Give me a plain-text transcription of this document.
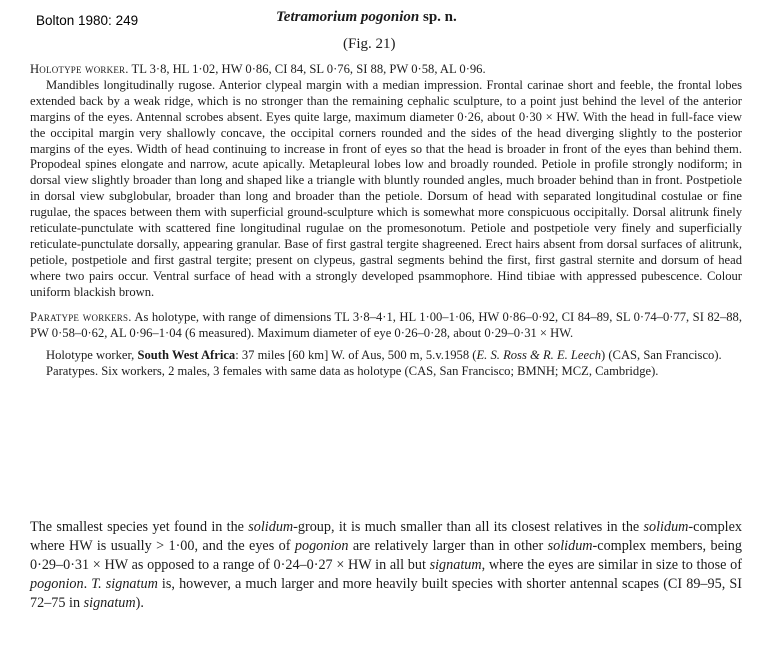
Bolton 1980: 249	Tetramorium pogonion sp. n.
(Fig. 21)

Holotype worker. TL 3·8, HL 1·02, HW 0·86, CI 84, SL 0·76, SI 88, PW 0·58, AL 0·96.

Mandibles longitudinally rugose. Anterior clypeal margin with a median impression. Frontal carinae short and feeble, the frontal lobes extended back by a weak ridge, which is no stronger than the remaining cephalic sculpture, to a point just behind the level of the anterior margins of the eyes. Antennal scrobes absent. Eyes quite large, maximum diameter 0·26, about 0·30 × HW. With the head in full-face view the occipital margin very shallowly concave, the occipital corners rounded and the sides of the head diverging slightly to the posterior margins of the eyes. Width of head continuing to increase in front of eyes so that the head is broader in front of the eyes than behind them. Propodeal spines elongate and narrow, acute apically. Metapleural lobes low and broadly rounded. Petiole in profile strongly nodiform; in dorsal view slightly broader than long and shaped like a triangle with bluntly rounded angles, much broader behind than in front. Postpetiole in dorsal view subglobular, broader than long and broader than the petiole. Dorsum of head with separated longitudinal costulae or fine rugulae, the spaces between them with superficial ground-sculpture which is somewhat more conspicuous occipitally. Dorsal alitrunk finely reticulate-punctulate with scattered fine longitudinal rugulae on the promesonotum. Petiole and postpetiole very finely and superficially reticulate-punctulate dorsally, appearing granular. Base of first gastral tergite shagreened. Erect hairs absent from dorsal surfaces of alitrunk, petiole, postpetiole and first gastral tergite; present on clypeus, gastral segments behind the first, first gastral sternite and dorsum of head where two pairs occur. Ventral surface of head with a strongly developed psammophore. Hind tibiae with appressed pubescence. Colour uniform blackish brown.

Paratype workers. As holotype, with range of dimensions TL 3·8–4·1, HL 1·00–1·06, HW 0·86–0·92, CI 84–89, SL 0·74–0·77, SI 82–88, PW 0·58–0·62, AL 0·96–1·04 (6 measured). Maximum diameter of eye 0·26–0·28, about 0·29–0·31 × HW.

Holotype worker, South West Africa: 37 miles [60 km] W. of Aus, 500 m, 5.v.1958 (E. S. Ross & R. E. Leech) (CAS, San Francisco).

Paratypes. Six workers, 2 males, 3 females with same data as holotype (CAS, San Francisco; BMNH; MCZ, Cambridge).

The smallest species yet found in the solidum-group, it is much smaller than all its closest relatives in the solidum-complex where HW is usually > 1·00, and the eyes of pogonion are relatively larger than in other solidum-complex members, being 0·29–0·31 × HW as opposed to a range of 0·24–0·27 × HW in all but signatum, where the eyes are similar in size to those of pogonion. T. signatum is, however, a much larger and more heavily built species with shorter antennal scapes (CI 89–95, SI 72–75 in signatum).
